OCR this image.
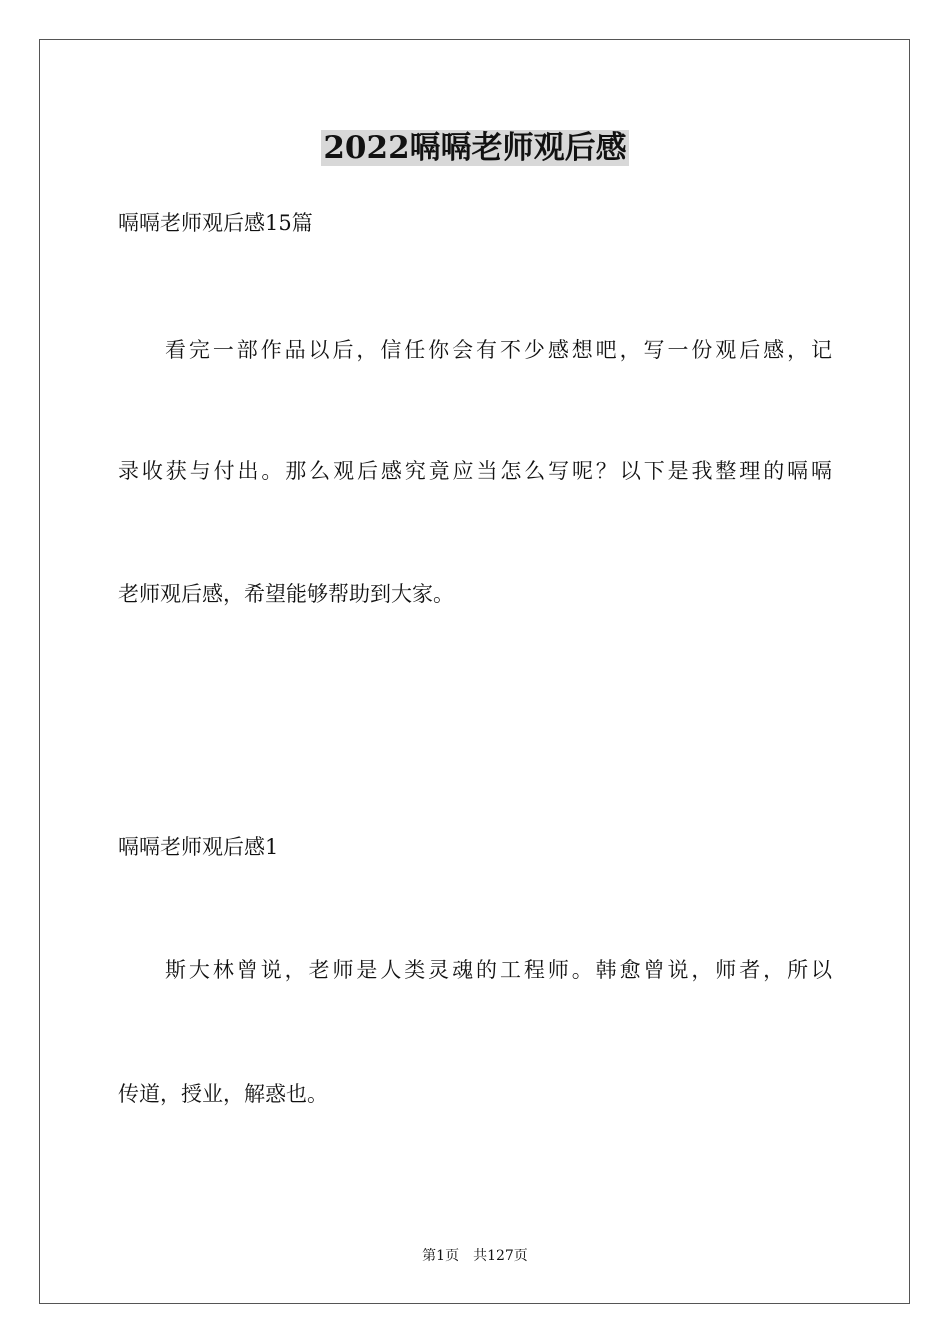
2022嗝嗝老师观后感
嗝嗝老师观后感15篇
看完一部作品以后，信任你会有不少感想吧，写一份观后感，记
录收获与付出。那么观后感究竟应当怎么写呢？以下是我整理的嗝嗝
老师观后感，希望能够帮助到大家。
嗝嗝老师观后感1
斯大林曾说，老师是人类灵魂的工程师。韩愈曾说，师者，所以
传道，授业，解惑也。
第1页　共127页
